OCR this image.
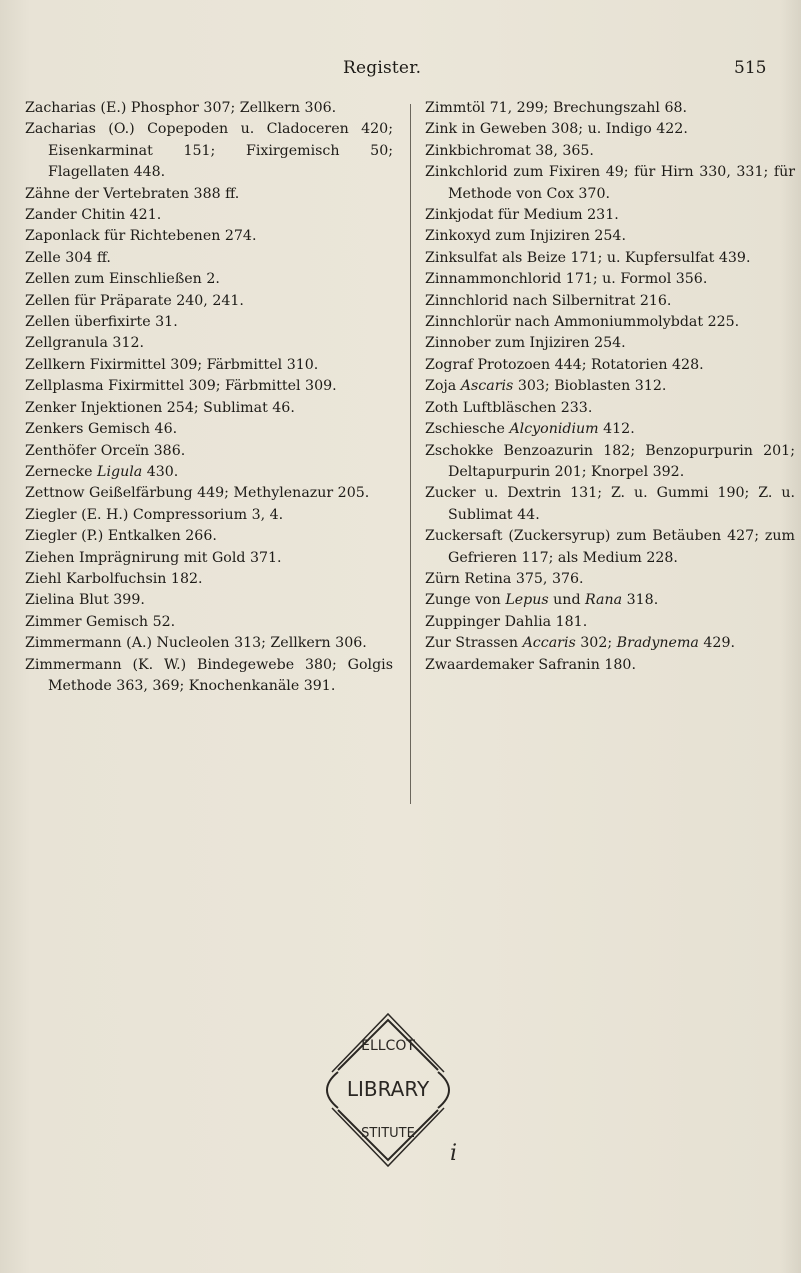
Register.	515
Zacharias (E.) Phosphor 307; Zellkern 306.
Zacharias (O.) Copepoden u. Cladoceren 420; Eisenkarminat 151; Fixirgemisch 50; Flagellaten 448.
Zähne der Vertebraten 388 ff.
Zander Chitin 421.
Zaponlack für Richtebenen 274.
Zelle 304 ff.
Zellen zum Einschließen 2.
Zellen für Präparate 240, 241.
Zellen überfixirte 31.
Zellgranula 312.
Zellkern Fixirmittel 309; Färbmittel 310.
Zellplasma Fixirmittel 309; Färbmittel 309.
Zenker Injektionen 254; Sublimat 46.
Zenkers Gemisch 46.
Zenthöfer Orceïn 386.
Zernecke Ligula 430.
Zettnow Geißelfärbung 449; Methylenazur 205.
Ziegler (E. H.) Compressorium 3, 4.
Ziegler (P.) Entkalken 266.
Ziehen Imprägnirung mit Gold 371.
Ziehl Karbolfuchsin 182.
Zielina Blut 399.
Zimmer Gemisch 52.
Zimmermann (A.) Nucleolen 313; Zellkern 306.
Zimmermann (K. W.) Bindegewebe 380; Golgis Methode 363, 369; Knochenkanäle 391.
Zimmtöl 71, 299; Brechungszahl 68.
Zink in Geweben 308; u. Indigo 422.
Zinkbichromat 38, 365.
Zinkchlorid zum Fixiren 49; für Hirn 330, 331; für Methode von Cox 370.
Zinkjodat für Medium 231.
Zinkoxyd zum Injiziren 254.
Zinksulfat als Beize 171; u. Kupfersulfat 439.
Zinnammonchlorid 171; u. Formol 356.
Zinnchlorid nach Silbernitrat 216.
Zinnchlorür nach Ammoniummolybdat 225.
Zinnober zum Injiziren 254.
Zograf Protozoen 444; Rotatorien 428.
Zoja Ascaris 303; Bioblasten 312.
Zoth Luftbläschen 233.
Zschiesche Alcyonidium 412.
Zschokke Benzoazurin 182; Benzopurpurin 201; Deltapurpurin 201; Knorpel 392.
Zucker u. Dextrin 131; Z. u. Gummi 190; Z. u. Sublimat 44.
Zuckersaft (Zuckersyrup) zum Betäuben 427; zum Gefrieren 117; als Medium 228.
Zürn Retina 375, 376.
Zunge von Lepus und Rana 318.
Zuppinger Dahlia 181.
Zur Strassen Accaris 302; Bradynema 429.
Zwaardemaker Safranin 180.
ELLCOT
STITUTE
LIBRARY
i
